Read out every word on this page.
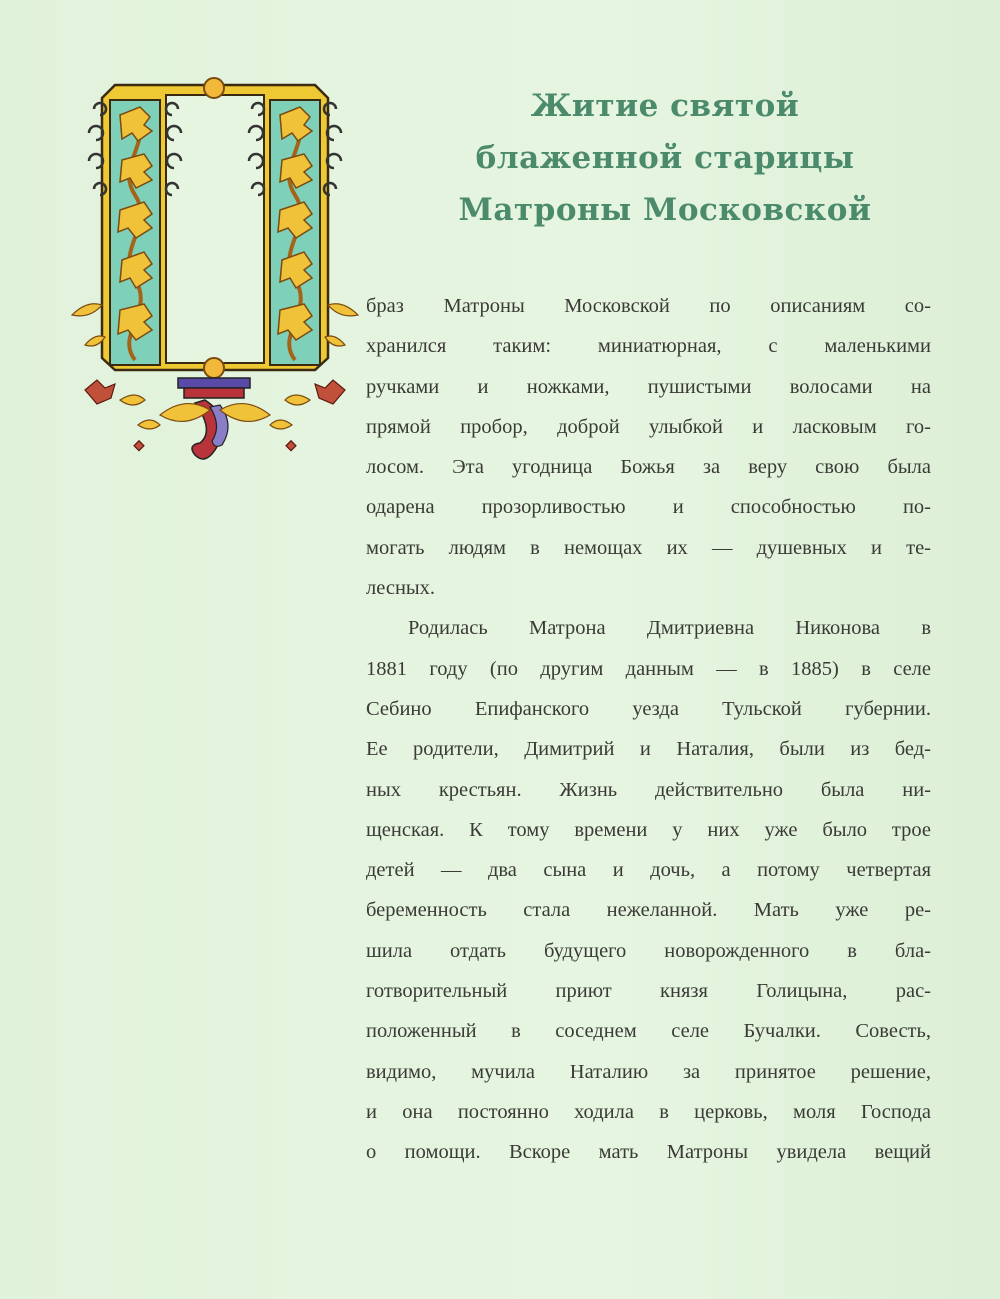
Житие святой
блаженной старицы
Матроны Московской
браз Матроны Московской по описаниям со-
хранился таким: миниатюрная, с маленькими
ручками и ножками, пушистыми волосами на
прямой пробор, доброй улыбкой и ласковым го-
лосом. Эта угодница Божья за веру свою была
одарена прозорливостью и способностью по-
могать людям в немощах их — душевных и те-
лесных.
Родилась Матрона Дмитриевна Никонова в
1881 году (по другим данным — в 1885) в селе
Себино Епифанского уезда Тульской губернии.
Ее родители, Димитрий и Наталия, были из бед-
ных крестьян. Жизнь действительно была ни-
щенская. К тому времени у них уже было трое
детей — два сына и дочь, а потому четвертая
беременность стала нежеланной. Мать уже ре-
шила отдать будущего новорожденного в бла-
готворительный приют князя Голицына, рас-
положенный в соседнем селе Бучалки. Совесть,
видимо, мучила Наталию за принятое решение,
и она постоянно ходила в церковь, моля Господа
о помощи. Вскоре мать Матроны увидела вещий
